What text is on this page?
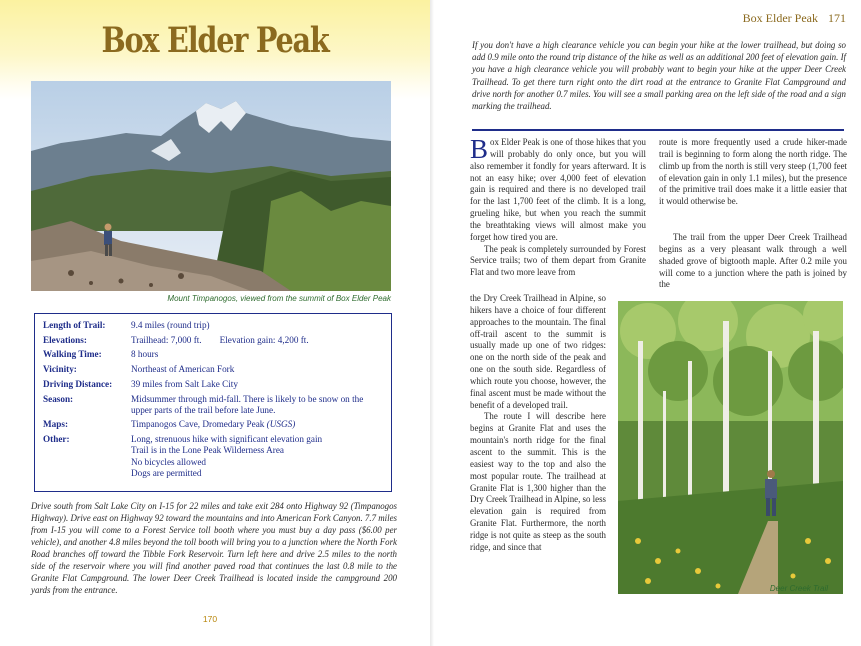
Box Elder Peak
Mount Timpanogos, viewed from the summit of Box Elder Peak
Length of Trail:	9.4 miles (round trip)
Elevations:	Trailhead: 7,000 ft. Elevation gain: 4,200 ft.
Walking Time:	8 hours
Vicinity:	Northeast of American Fork
Driving Distance:	39 miles from Salt Lake City
Season:	Midsummer through mid-fall. There is likely to be snow on the upper parts of the trail before late June.
Maps:	Timpanogos Cave, Dromedary Peak (USGS)
Other:	Long, strenuous hike with significant elevation gain
Trail is in the Lone Peak Wilderness Area
No bicycles allowed
Dogs are permitted
Drive south from Salt Lake City on I-15 for 22 miles and take exit 284 onto Highway 92 (Timpanogos Highway). Drive east on Highway 92 toward the mountains and into American Fork Canyon. 7.7 miles from I-15 you will come to a Forest Service toll booth where you must buy a day pass ($6.00 per vehicle), and another 4.8 miles beyond the toll booth will bring you to a junction where the North Fork Road branches off toward the Tibble Fork Reservoir. Turn left here and drive 2.5 miles to the north side of the reservoir where you will find another paved road that continues the last 0.8 mile to the Granite Flat Campground. The lower Deer Creek Trailhead is located inside the campground 200 yards from the entrance.
170
Box Elder Peak 171
If you don't have a high clearance vehicle you can begin your hike at the lower trailhead, but doing so add 0.9 mile onto the round trip distance of the hike as well as an additional 200 feet of elevation gain. If you have a high clearance vehicle you will probably want to begin your hike at the upper Deer Creek Trailhead. To get there turn right onto the dirt road at the entrance to Granite Flat Campground and drive north for another 0.7 miles. You will see a small parking area on the left side of the road and a sign marking the trailhead.

Box Elder Peak is one of those hikes that you will probably do only once, but you will also remember it fondly for years afterward. It is not an easy hike; over 4,000 feet of elevation gain is required and there is no developed trail for the last 1,700 feet of the climb. It is a long, grueling hike, but when you reach the summit the breathtaking views will almost make you forget how tired you are.

The peak is completely surrounded by Forest Service trails; two of them depart from Granite Flat and two more leave from

the Dry Creek Trailhead in Alpine, so hikers have a choice of four different approaches to the mountain. The final off-trail ascent to the summit is usually made up one of two ridges: one on the north side of the peak and one on the south side. Regardless of which route you choose, however, the final ascent must be made without the benefit of a developed trail.

The route I will describe here begins at Granite Flat and uses the mountain's north ridge for the final ascent to the summit. This is the easiest way to the top and also the most popular route. The trailhead at Granite Flat is 1,300 higher than the Dry Creek Trailhead in Alpine, so less elevation gain is required from Granite Flat. Furthermore, the north ridge is not quite as steep as the south ridge, and since that

route is more frequently used a crude hiker-made trail is beginning to form along the north ridge. The climb up from the north is still very steep (1,700 feet of elevation gain in only 1.1 miles), but the presence of the primitive trail does make it a little easier that it would otherwise be.

The trail from the upper Deer Creek Trailhead begins as a very pleasant walk through a well shaded grove of bigtooth maple. After 0.2 mile you will come to a junction where the path is joined by the

Deer Creek Trail
